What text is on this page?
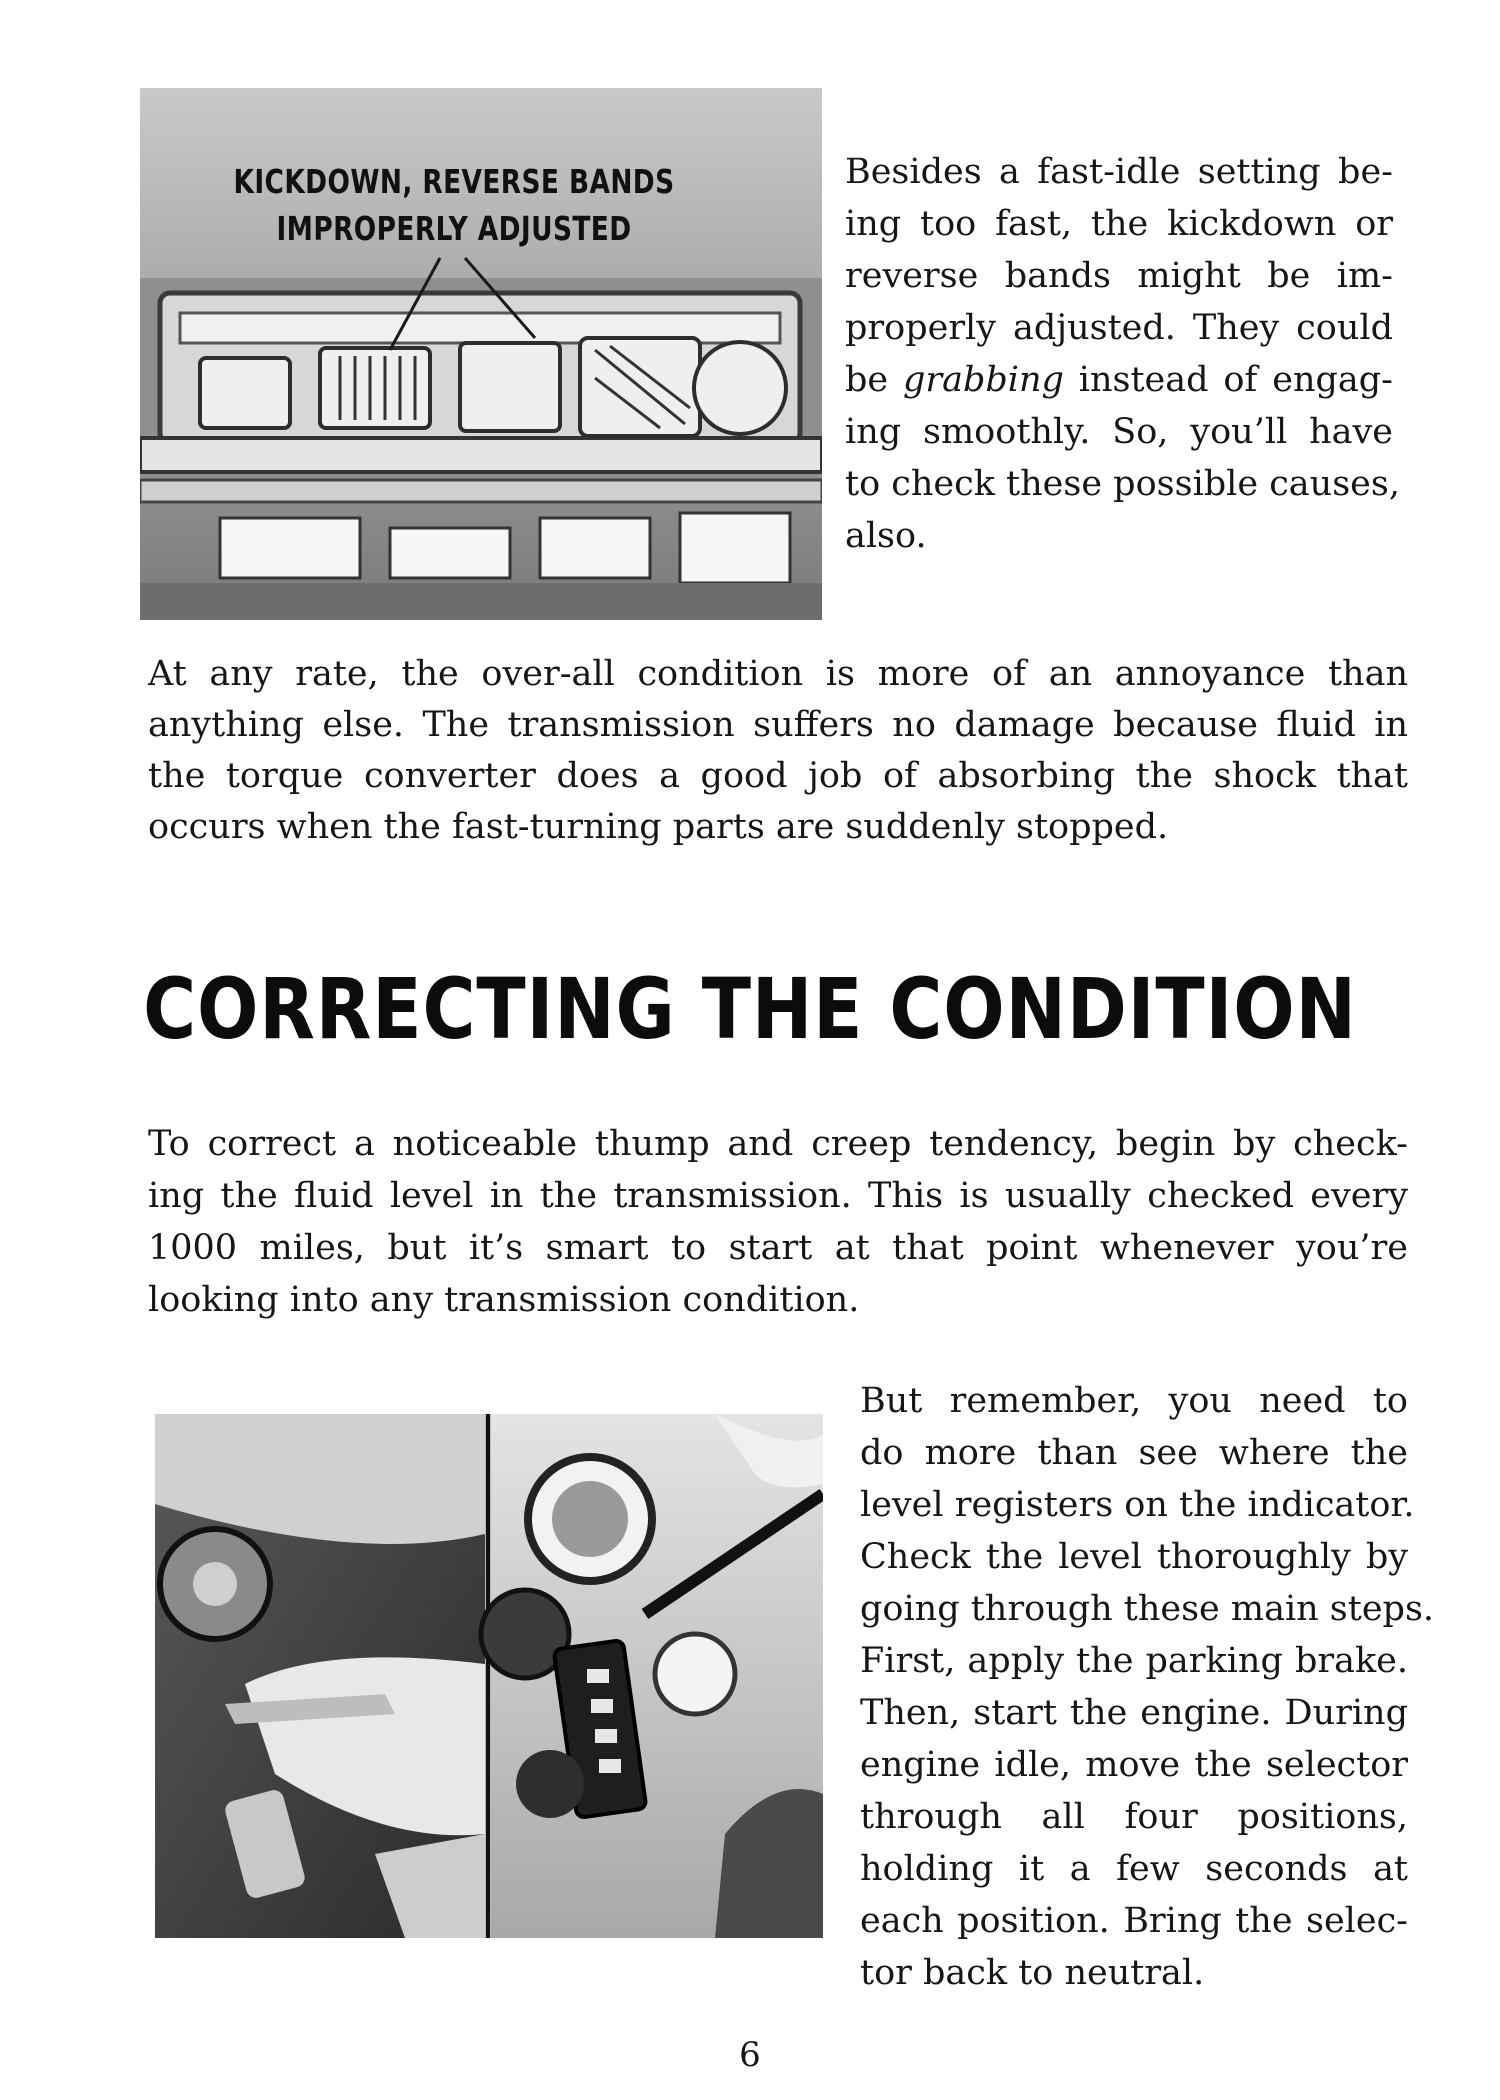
KICKDOWN, REVERSE BANDS
IMPROPERLY ADJUSTED

Besides a fast-idle setting be-
ing too fast, the kickdown or
reverse bands might be im-
properly adjusted. They could
be grabbing instead of engag-
ing smoothly. So, you’ll have
to check these possible causes,
also.

At any rate, the over-all condition is more of an annoyance than
anything else. The transmission suffers no damage because fluid in
the torque converter does a good job of absorbing the shock that
occurs when the fast-turning parts are suddenly stopped.

CORRECTING THE CONDITION

To correct a noticeable thump and creep tendency, begin by check-
ing the fluid level in the transmission. This is usually checked every
1000 miles, but it’s smart to start at that point whenever you’re
looking into any transmission condition.

But remember, you need to
do more than see where the
level registers on the indicator.
Check the level thoroughly by
going through these main steps.
First, apply the parking brake.
Then, start the engine. During
engine idle, move the selector
through all four positions,
holding it a few seconds at
each position. Bring the selec-
tor back to neutral.

6
